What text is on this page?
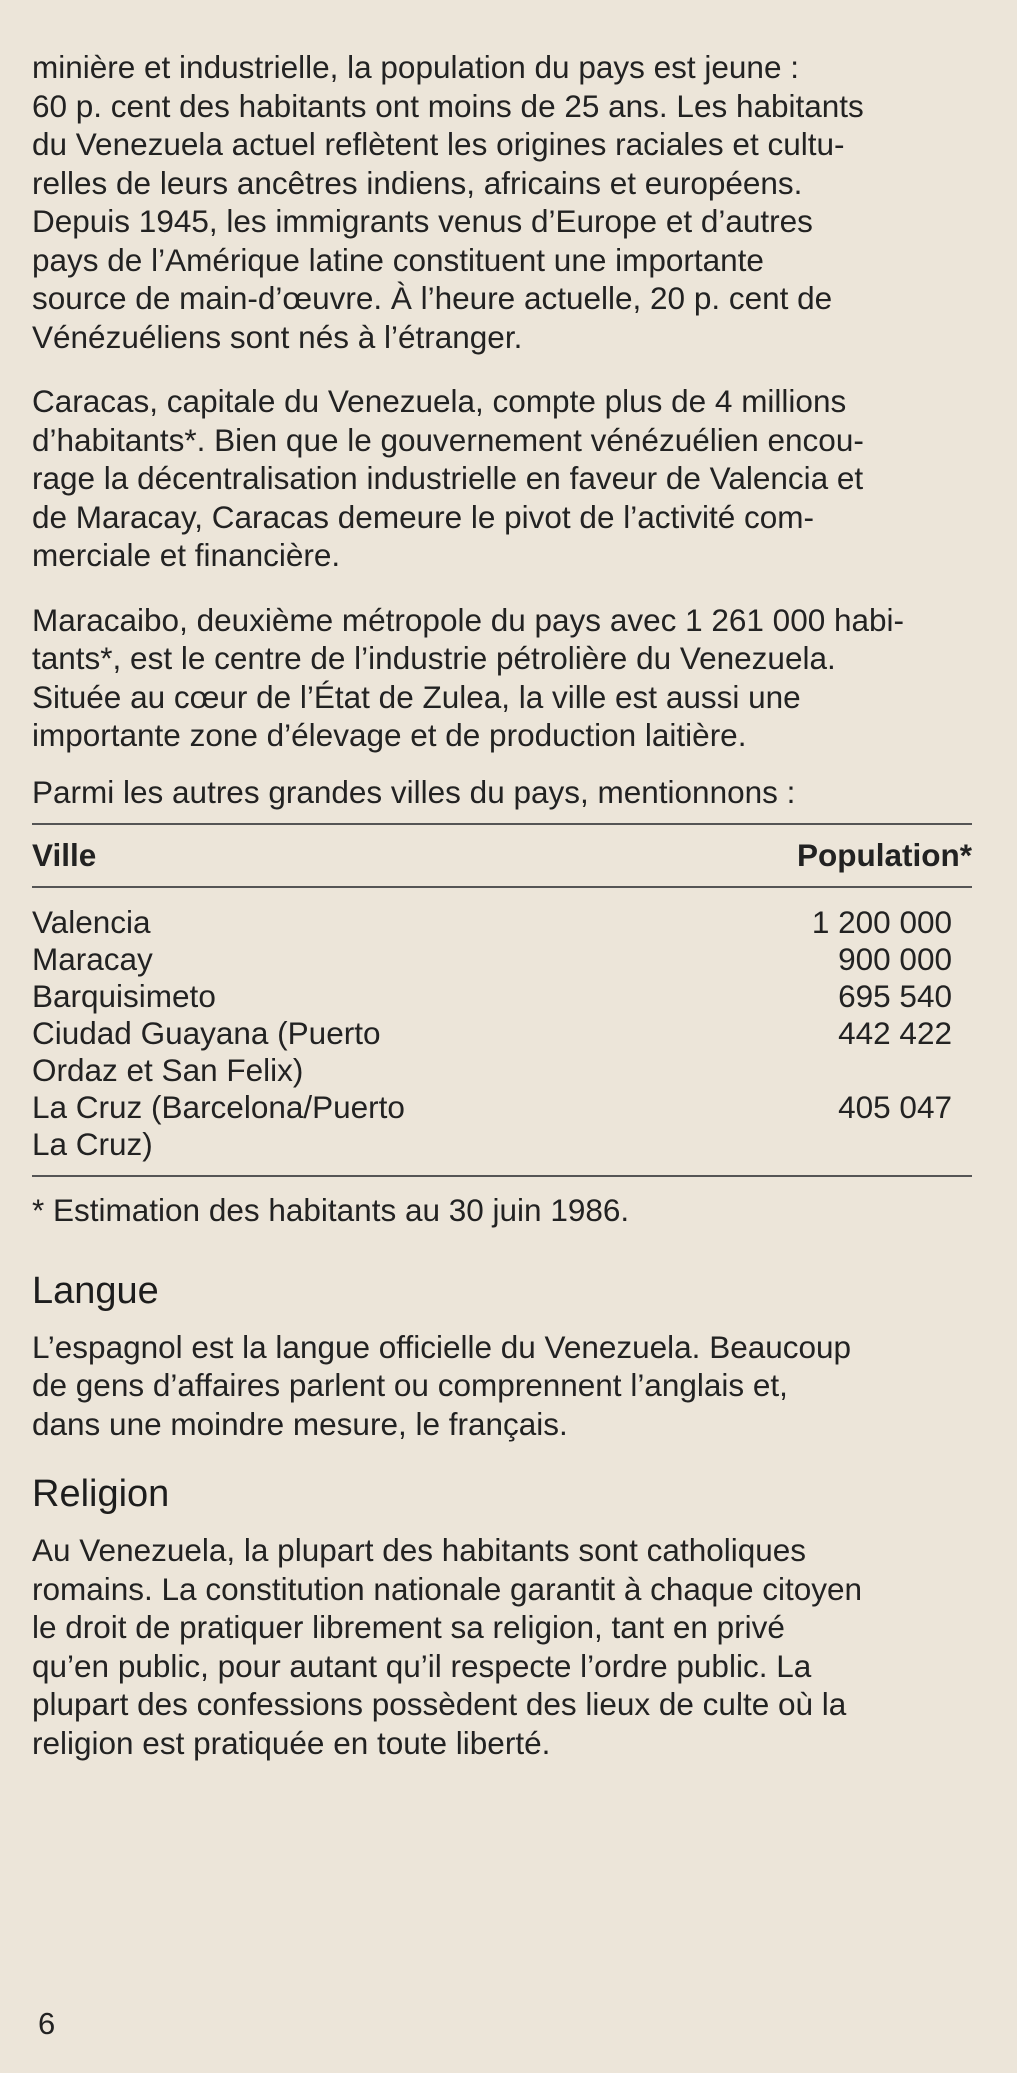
minière et industrielle, la population du pays est jeune :
60 p. cent des habitants ont moins de 25 ans. Les habitants
du Venezuela actuel reflètent les origines raciales et cultu-
relles de leurs ancêtres indiens, africains et européens.
Depuis 1945, les immigrants venus d’Europe et d’autres
pays de l’Amérique latine constituent une importante
source de main-d’œuvre. À l’heure actuelle, 20 p. cent de
Vénézuéliens sont nés à l’étranger.

Caracas, capitale du Venezuela, compte plus de 4 millions
d’habitants*. Bien que le gouvernement vénézuélien encou-
rage la décentralisation industrielle en faveur de Valencia et
de Maracay, Caracas demeure le pivot de l’activité com-
merciale et financière.

Maracaibo, deuxième métropole du pays avec 1 261 000 habi-
tants*, est le centre de l’industrie pétrolière du Venezuela.
Située au cœur de l’État de Zulea, la ville est aussi une
importante zone d’élevage et de production laitière.

Parmi les autres grandes villes du pays, mentionnons :

Ville	Population*
Valencia	1 200 000
Maracay	900 000
Barquisimeto	695 540
Ciudad Guayana (Puerto
Ordaz et San Felix)	442 422
La Cruz (Barcelona/Puerto
La Cruz)	405 047

* Estimation des habitants au 30 juin 1986.

Langue

L’espagnol est la langue officielle du Venezuela. Beaucoup
de gens d’affaires parlent ou comprennent l’anglais et,
dans une moindre mesure, le français.

Religion

Au Venezuela, la plupart des habitants sont catholiques
romains. La constitution nationale garantit à chaque citoyen
le droit de pratiquer librement sa religion, tant en privé
qu’en public, pour autant qu’il respecte l’ordre public. La
plupart des confessions possèdent des lieux de culte où la
religion est pratiquée en toute liberté.

6
